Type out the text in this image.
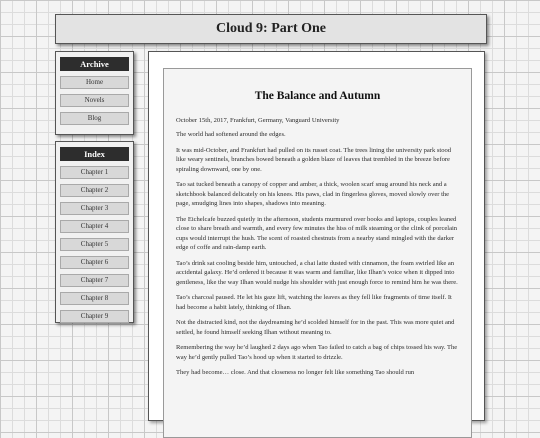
Cloud 9: Part One
Archive
Home
Novels
Blog
Index
Chapter 1
Chapter 2
Chapter 3
Chapter 4
Chapter 5
Chapter 6
Chapter 7
Chapter 8
Chapter 9
The Balance and Autumn

October 15th, 2017, Frankfurt, Germany, Vanguard University

The world had softened around the edges.

It was mid-October, and Frankfurt had pulled on its russet coat. The trees lining the university park stood like weary sentinels, branches bowed beneath a golden blaze of leaves that trembled in the breeze before spiraling downward, one by one.

Tao sat tucked beneath a canopy of copper and amber, a thick, woolen scarf snug around his neck and a sketchbook balanced delicately on his knees. His paws, clad in fingerless gloves, moved slowly over the page, smudging lines into shapes, shadows into meaning.

The Eichelcafe buzzed quietly in the afternoon, students murmured over books and laptops, couples leaned close to share breath and warmth, and every few minutes the hiss of milk steaming or the clink of porcelain cups would interrupt the hush. The scent of roasted chestnuts from a nearby stand mingled with the darker edge of coffe and rain-damp earth.

Tao’s drink sat cooling beside him, untouched, a chai latte dusted with cinnamon, the foam swirled like an accidental galaxy. He’d ordered it because it was warm and familiar, like Ilhan’s voice when it dipped into gentleness, like the way Ilhan would nudge his shoulder with just enough force to remind him he was there.

Tao’s charcoal paused. He let his gaze lift, watching the leaves as they fell like fragments of time itself. It had become a habit lately, thinking of Ilhan.

Not the distracted kind, not the daydreaming he’d scolded himself for in the past. This was more quiet and settled, he found himself seeking Ilhan without meaning to.

Remembering the way he’d laughed 2 days ago when Tao failed to catch a bag of chips tossed his way. The way he’d gently pulled Tao’s hood up when it started to drizzle.

They had become… close. And that closeness no longer felt like something Tao should run
